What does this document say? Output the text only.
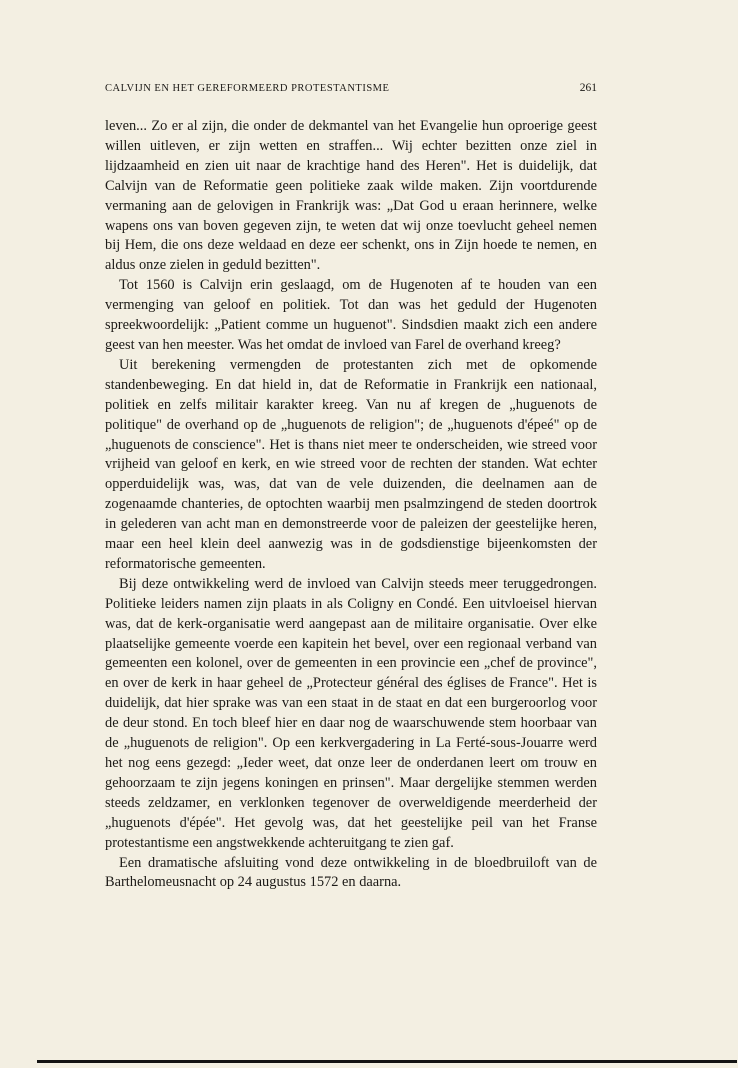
CALVIJN EN HET GEREFORMEERD PROTESTANTISME	261

leven... Zo er al zijn, die onder de dekmantel van het Evangelie hun oproerige geest willen uitleven, er zijn wetten en straffen... Wij echter bezitten onze ziel in lijdzaamheid en zien uit naar de krachtige hand des Heren". Het is duidelijk, dat Calvijn van de Reformatie geen politieke zaak wilde maken. Zijn voortdurende vermaning aan de gelovigen in Frankrijk was: „Dat God u eraan herinnere, welke wapens ons van boven gegeven zijn, te weten dat wij onze toevlucht geheel nemen bij Hem, die ons deze weldaad en deze eer schenkt, ons in Zijn hoede te nemen, en aldus onze zielen in geduld bezitten".

Tot 1560 is Calvijn erin geslaagd, om de Hugenoten af te houden van een vermenging van geloof en politiek. Tot dan was het geduld der Hugenoten spreekwoordelijk: „Patient comme un huguenot". Sindsdien maakt zich een andere geest van hen meester. Was het omdat de invloed van Farel de overhand kreeg?

Uit berekening vermengden de protestanten zich met de opkomende standenbeweging. En dat hield in, dat de Reformatie in Frankrijk een nationaal, politiek en zelfs militair karakter kreeg. Van nu af kregen de „huguenots de politique" de overhand op de „huguenots de religion"; de „huguenots d'épeé" op de „huguenots de conscience". Het is thans niet meer te onderscheiden, wie streed voor vrijheid van geloof en kerk, en wie streed voor de rechten der standen. Wat echter opperduidelijk was, was, dat van de vele duizenden, die deelnamen aan de zogenaamde chanteries, de optochten waarbij men psalmzingend de steden doortrok in gelederen van acht man en demonstreerde voor de paleizen der geestelijke heren, maar een heel klein deel aanwezig was in de godsdienstige bijeenkomsten der reformatorische gemeenten.

Bij deze ontwikkeling werd de invloed van Calvijn steeds meer teruggedrongen. Politieke leiders namen zijn plaats in als Coligny en Condé. Een uitvloeisel hiervan was, dat de kerk-organisatie werd aangepast aan de militaire organisatie. Over elke plaatselijke gemeente voerde een kapitein het bevel, over een regionaal verband van gemeenten een kolonel, over de gemeenten in een provincie een „chef de province", en over de kerk in haar geheel de „Protecteur général des églises de France". Het is duidelijk, dat hier sprake was van een staat in de staat en dat een burgeroorlog voor de deur stond. En toch bleef hier en daar nog de waarschuwende stem hoorbaar van de „huguenots de religion". Op een kerkvergadering in La Ferté-sous-Jouarre werd het nog eens gezegd: „Ieder weet, dat onze leer de onderdanen leert om trouw en gehoorzaam te zijn jegens koningen en prinsen". Maar dergelijke stemmen werden steeds zeldzamer, en verklonken tegenover de overweldigende meerderheid der „huguenots d'épée". Het gevolg was, dat het geestelijke peil van het Franse protestantisme een angstwekkende achteruitgang te zien gaf.

Een dramatische afsluiting vond deze ontwikkeling in de bloedbruiloft van de Barthelomeusnacht op 24 augustus 1572 en daarna.
